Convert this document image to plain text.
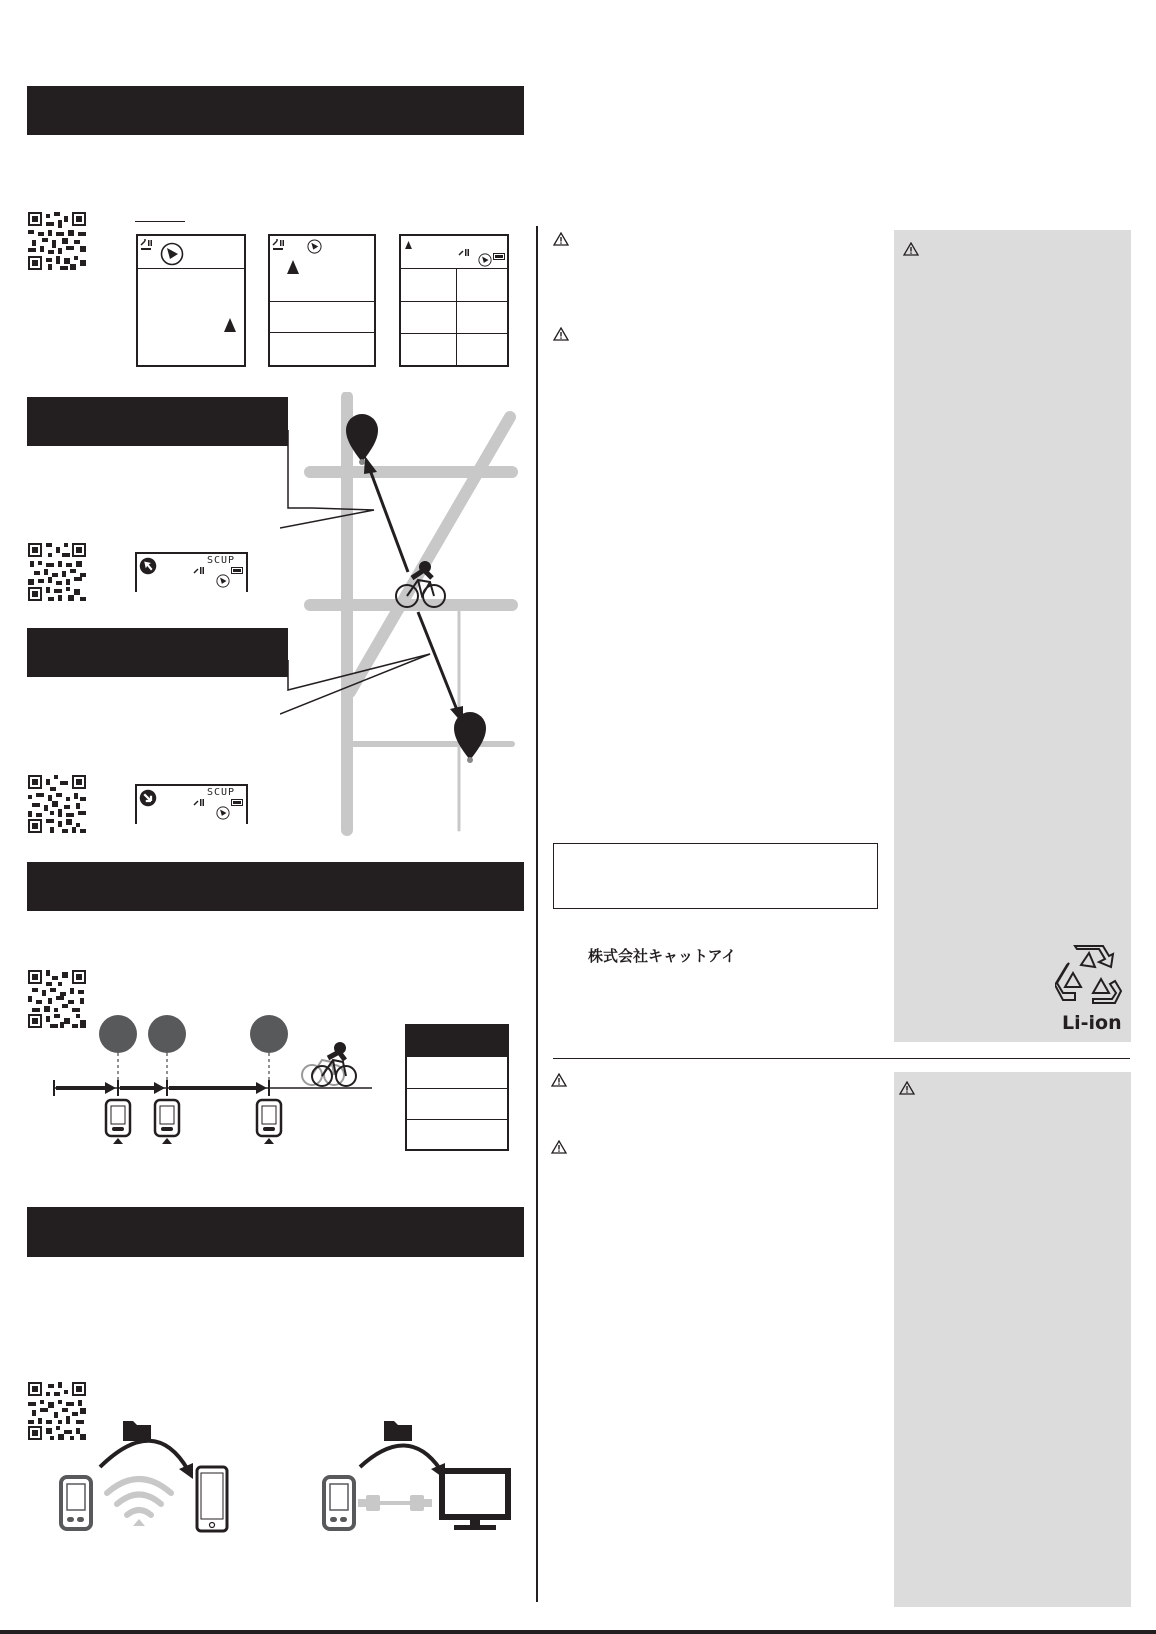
SCUP
SCUP
株式会社キャットアイ
Li-ion
